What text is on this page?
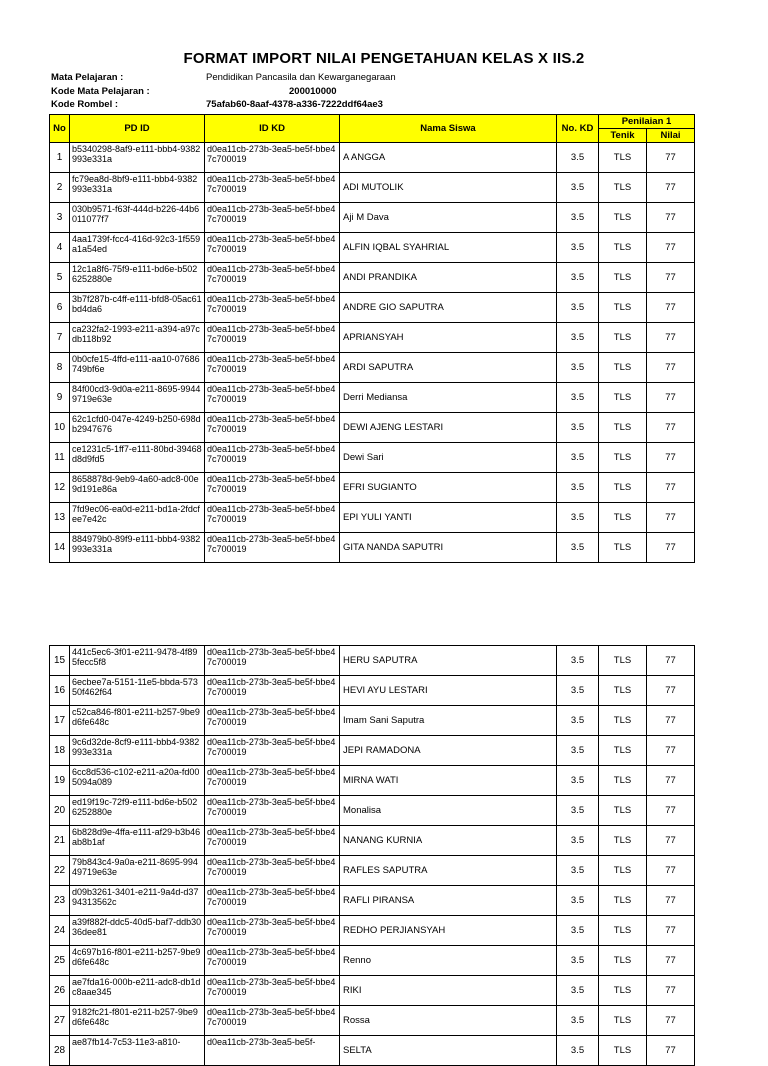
FORMAT IMPORT NILAI PENGETAHUAN KELAS X IIS.2
Mata Pelajaran :	Pendidikan Pancasila dan Kewarganegaraan
Kode Mata Pelajaran :	200010000
Kode Rombel :	75afab60-8aaf-4378-a336-7222ddf64ae3
No	PD ID	ID KD	Nama Siswa	No. KD	Penilaian 1	
					Tenik	Nilai
1	b5340298-8af9-e111-bbb4-9382993e331a	d0ea11cb-273b-3ea5-be5f-bbe47c700019	A ANGGA	3.5	TLS	77
2	fc79ea8d-8bf9-e111-bbb4-9382993e331a	d0ea11cb-273b-3ea5-be5f-bbe47c700019	ADI MUTOLIK	3.5	TLS	77
3	030b9571-f63f-444d-b226-44b6011077f7	d0ea11cb-273b-3ea5-be5f-bbe47c700019	Aji M Dava	3.5	TLS	77
4	4aa1739f-fcc4-416d-92c3-1f559a1a54ed	d0ea11cb-273b-3ea5-be5f-bbe47c700019	ALFIN IQBAL SYAHRIAL	3.5	TLS	77
5	12c1a8f6-75f9-e111-bd6e-b5026252880e	d0ea11cb-273b-3ea5-be5f-bbe47c700019	ANDI PRANDIKA	3.5	TLS	77
6	3b7f287b-c4ff-e111-bfd8-05ac61bd4da6	d0ea11cb-273b-3ea5-be5f-bbe47c700019	ANDRE GIO SAPUTRA	3.5	TLS	77
7	ca232fa2-1993-e211-a394-a97cdb118b92	d0ea11cb-273b-3ea5-be5f-bbe47c700019	APRIANSYAH	3.5	TLS	77
8	0b0cfe15-4ffd-e111-aa10-07686749bf6e	d0ea11cb-273b-3ea5-be5f-bbe47c700019	ARDI SAPUTRA	3.5	TLS	77
9	84f00cd3-9d0a-e211-8695-99449719e63e	d0ea11cb-273b-3ea5-be5f-bbe47c700019	Derri Mediansa	3.5	TLS	77
10	62c1cfd0-047e-4249-b250-698db2947676	d0ea11cb-273b-3ea5-be5f-bbe47c700019	DEWI AJENG LESTARI	3.5	TLS	77
11	ce1231c5-1ff7-e111-80bd-39468d8d9fd5	d0ea11cb-273b-3ea5-be5f-bbe47c700019	Dewi Sari	3.5	TLS	77
12	8658878d-9eb9-4a60-adc8-00e9d191e86a	d0ea11cb-273b-3ea5-be5f-bbe47c700019	EFRI SUGIANTO	3.5	TLS	77
13	7fd9ec06-ea0d-e211-bd1a-2fdcfee7e42c	d0ea11cb-273b-3ea5-be5f-bbe47c700019	EPI YULI YANTI	3.5	TLS	77
14	884979b0-89f9-e111-bbb4-9382993e331a	d0ea11cb-273b-3ea5-be5f-bbe47c700019	GITA NANDA SAPUTRI	3.5	TLS	77
15	441c5ec6-3f01-e211-9478-4f895fecc5f8	d0ea11cb-273b-3ea5-be5f-bbe47c700019	HERU SAPUTRA	3.5	TLS	77
16	6ecbee7a-5151-11e5-bbda-57350f462f64	d0ea11cb-273b-3ea5-be5f-bbe47c700019	HEVI AYU LESTARI	3.5	TLS	77
17	c52ca846-f801-e211-b257-9be9d6fe648c	d0ea11cb-273b-3ea5-be5f-bbe47c700019	Imam Sani Saputra	3.5	TLS	77
18	9c6d32de-8cf9-e111-bbb4-9382993e331a	d0ea11cb-273b-3ea5-be5f-bbe47c700019	JEPI RAMADONA	3.5	TLS	77
19	6cc8d536-c102-e211-a20a-fd005094a089	d0ea11cb-273b-3ea5-be5f-bbe47c700019	MIRNA WATI	3.5	TLS	77
20	ed19f19c-72f9-e111-bd6e-b5026252880e	d0ea11cb-273b-3ea5-be5f-bbe47c700019	Monalisa	3.5	TLS	77
21	6b828d9e-4ffa-e111-af29-b3b46ab8b1af	d0ea11cb-273b-3ea5-be5f-bbe47c700019	NANANG KURNIA	3.5	TLS	77
22	79b843c4-9a0a-e211-8695-99449719e63e	d0ea11cb-273b-3ea5-be5f-bbe47c700019	RAFLES SAPUTRA	3.5	TLS	77
23	d09b3261-3401-e211-9a4d-d3794313562c	d0ea11cb-273b-3ea5-be5f-bbe47c700019	RAFLI PIRANSA	3.5	TLS	77
24	a39f882f-ddc5-40d5-baf7-ddb3036dee81	d0ea11cb-273b-3ea5-be5f-bbe47c700019	REDHO PERJIANSYAH	3.5	TLS	77
25	4c697b16-f801-e211-b257-9be9d6fe648c	d0ea11cb-273b-3ea5-be5f-bbe47c700019	Renno	3.5	TLS	77
26	ae7fda16-000b-e211-adc8-db1dc8aae345	d0ea11cb-273b-3ea5-be5f-bbe47c700019	RIKI	3.5	TLS	77
27	9182fc21-f801-e211-b257-9be9d6fe648c	d0ea11cb-273b-3ea5-be5f-bbe47c700019	Rossa	3.5	TLS	77
28	ae87fb14-7c53-11e3-a810-	d0ea11cb-273b-3ea5-be5f-	SELTA	3.5	TLS	77
